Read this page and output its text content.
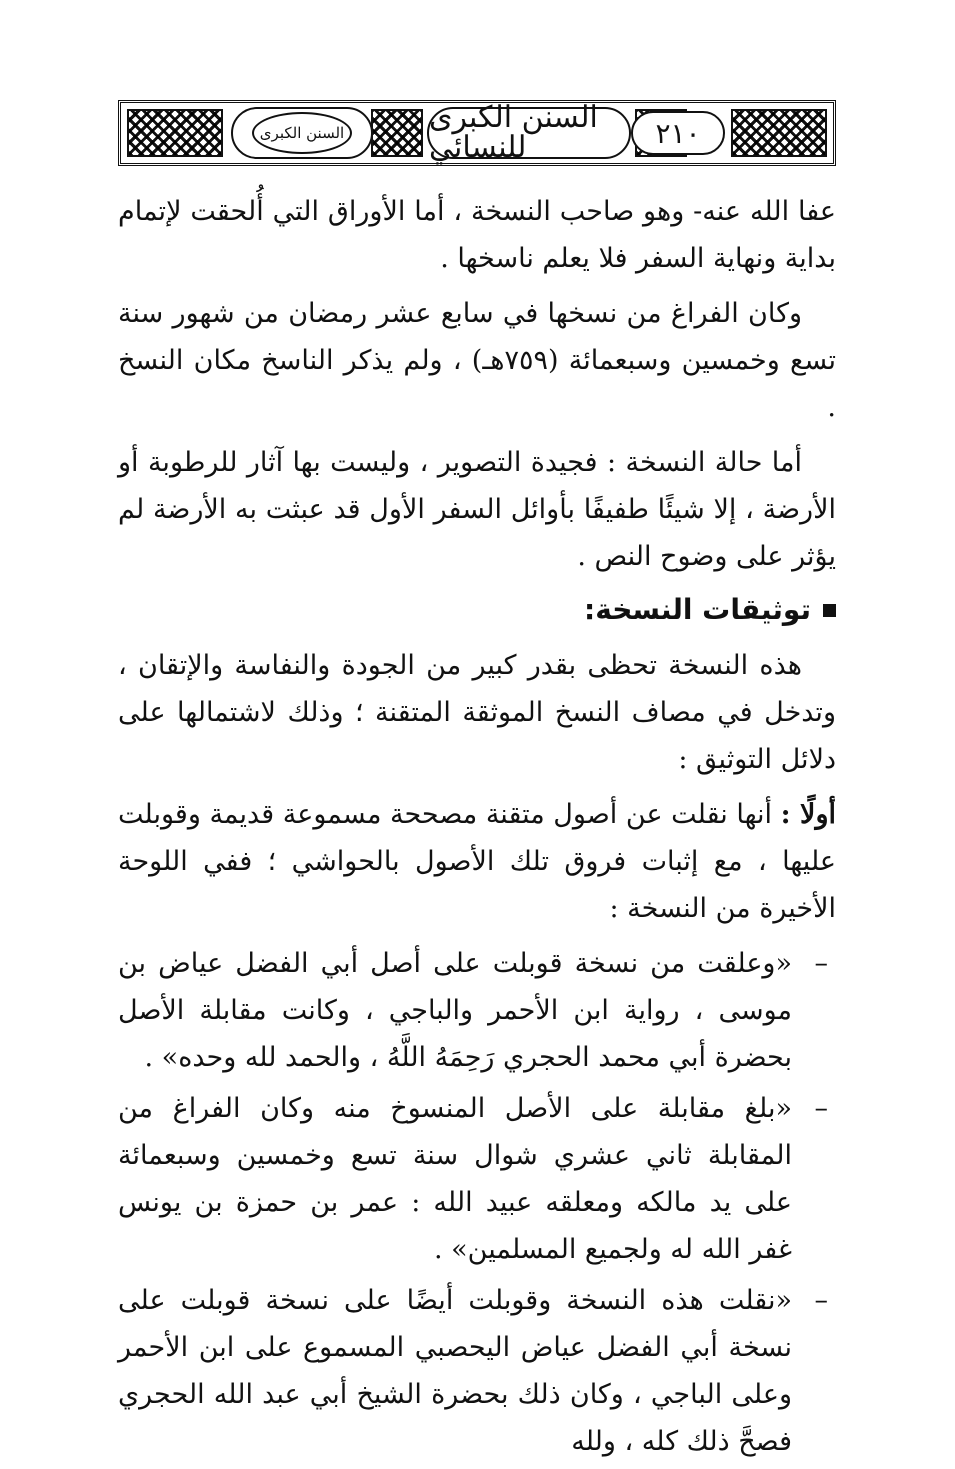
السنن الكبرى	السنن الكبرى للنسائي	٢١٠

عفا الله عنه- وهو صاحب النسخة ، أما الأوراق التي أُلحقت لإتمام بداية ونهاية السفر فلا يعلم ناسخها .

وكان الفراغ من نسخها في سابع عشر رمضان من شهور سنة تسع وخمسين وسبعمائة (٧٥٩هـ) ، ولم يذكر الناسخ مكان النسخ .

أما حالة النسخة : فجيدة التصوير ، وليست بها آثار للرطوبة أو الأرضة ، إلا شيئًا طفيفًا بأوائل السفر الأول قد عبثت به الأرضة لم يؤثر على وضوح النص .

توثيقات النسخة:

هذه النسخة تحظى بقدر كبير من الجودة والنفاسة والإتقان ، وتدخل في مصاف النسخ الموثقة المتقنة ؛ وذلك لاشتمالها على دلائل التوثيق :

أولًا : أنها نقلت عن أصول متقنة مصححة مسموعة قديمة وقوبلت عليها ، مع إثبات فروق تلك الأصول بالحواشي ؛ ففي اللوحة الأخيرة من النسخة :

–
«وعلقت من نسخة قوبلت على أصل أبي الفضل عياض بن موسى ، رواية ابن الأحمر والباجي ، وكانت مقابلة الأصل بحضرة أبي محمد الحجري رَحِمَهُ اللَّهُ ، والحمد لله وحده» .
–
«بلغ مقابلة على الأصل المنسوخ منه وكان الفراغ من المقابلة ثاني عشري شوال سنة تسع وخمسين وسبعمائة على يد مالكه ومعلقه عبيد الله : عمر بن حمزة بن يونس غفر الله له ولجميع المسلمين» .
–
«نقلت هذه النسخة وقوبلت أيضًا على نسخة قوبلت على نسخة أبي الفضل عياض اليحصبي المسموع على ابن الأحمر وعلى الباجي ، وكان ذلك بحضرة الشيخ أبي عبد الله الحجري فصحَّ ذلك كله ، ولله
